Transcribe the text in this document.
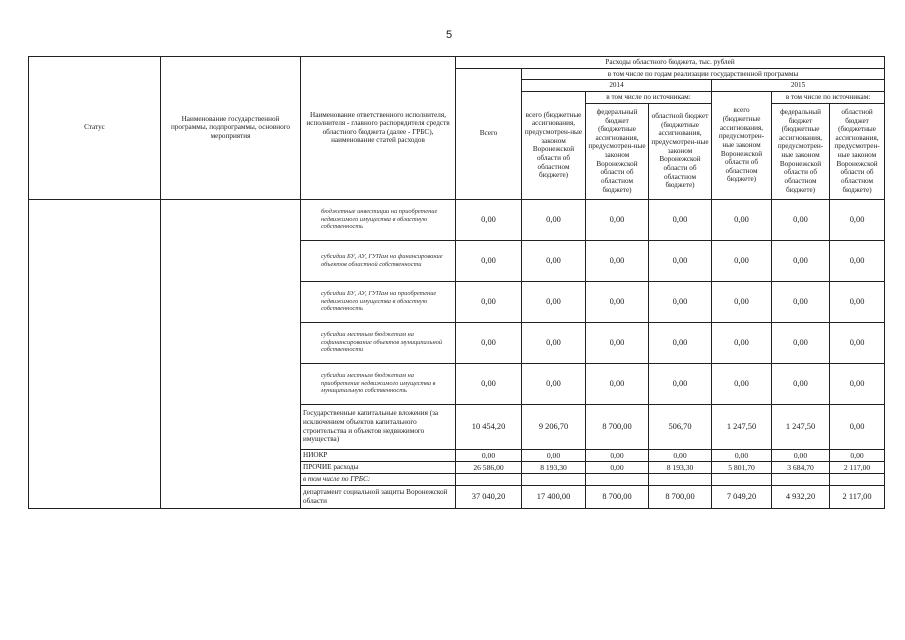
5
Статус	Наименование государственной программы, подпрограммы, основного мероприятия	Наименование ответственного исполнителя, исполнителя - главного распорядителя средств областного бюджета (далее - ГРБС), наименование статей расходов	Расходы областного бюджета, тыс. рублей						
			Всего	в том числе по годам реализации государственной программы					
				2014			2015		
				всего (бюджетные ассигнования, предусмотрен-ные законом Воронежской области об областном бюджете)	в том числе по источникам:		всего (бюджетные ассигнования, предусмотрен-ные законом Воронежской области об областном бюджете)	в том числе по источникам:	
					федеральный бюджет (бюджетные ассигнования, предусмотрен-ные законом Воронежской области об областном бюджете)	областной бюджет (бюджетные ассигнования, предусмотрен-ные законом Воронежской области об областном бюджете)		федеральный бюджет (бюджетные ассигнования, предусмотрен-ные законом Воронежской области об областном бюджете)	областной бюджет (бюджетные ассигнования, предусмотрен-ные законом Воронежской области об областном бюджете)
		бюджетные инвестиции на приобретение недвижимого имущества в областную собственность	0,00	0,00	0,00	0,00	0,00	0,00	0,00
		субсидии БУ, АУ, ГУПам на финансирование объектов областной собственности	0,00	0,00	0,00	0,00	0,00	0,00	0,00
		субсидии БУ, АУ, ГУПам на приобретение недвижимого имущества в областную собственность	0,00	0,00	0,00	0,00	0,00	0,00	0,00
		субсидии местным бюджетам на софинансирование объектов муниципальной собственности	0,00	0,00	0,00	0,00	0,00	0,00	0,00
		субсидии местным бюджетам на приобретение недвижимого имущества в муниципальную собственность	0,00	0,00	0,00	0,00	0,00	0,00	0,00
		Государственные капитальные вложения (за исключением объектов капитального строительства и объектов недвижимого имущества)	10 454,20	9 206,70	8 700,00	506,70	1 247,50	1 247,50	0,00
		НИОКР	0,00	0,00	0,00	0,00	0,00	0,00	0,00
		ПРОЧИЕ расходы	26 586,00	8 193,30	0,00	8 193,30	5 801,70	3 684,70	2 117,00
		в том числе по ГРБС:							
		департамент социальной защиты Воронежской области	37 040,20	17 400,00	8 700,00	8 700,00	7 049,20	4 932,20	2 117,00
